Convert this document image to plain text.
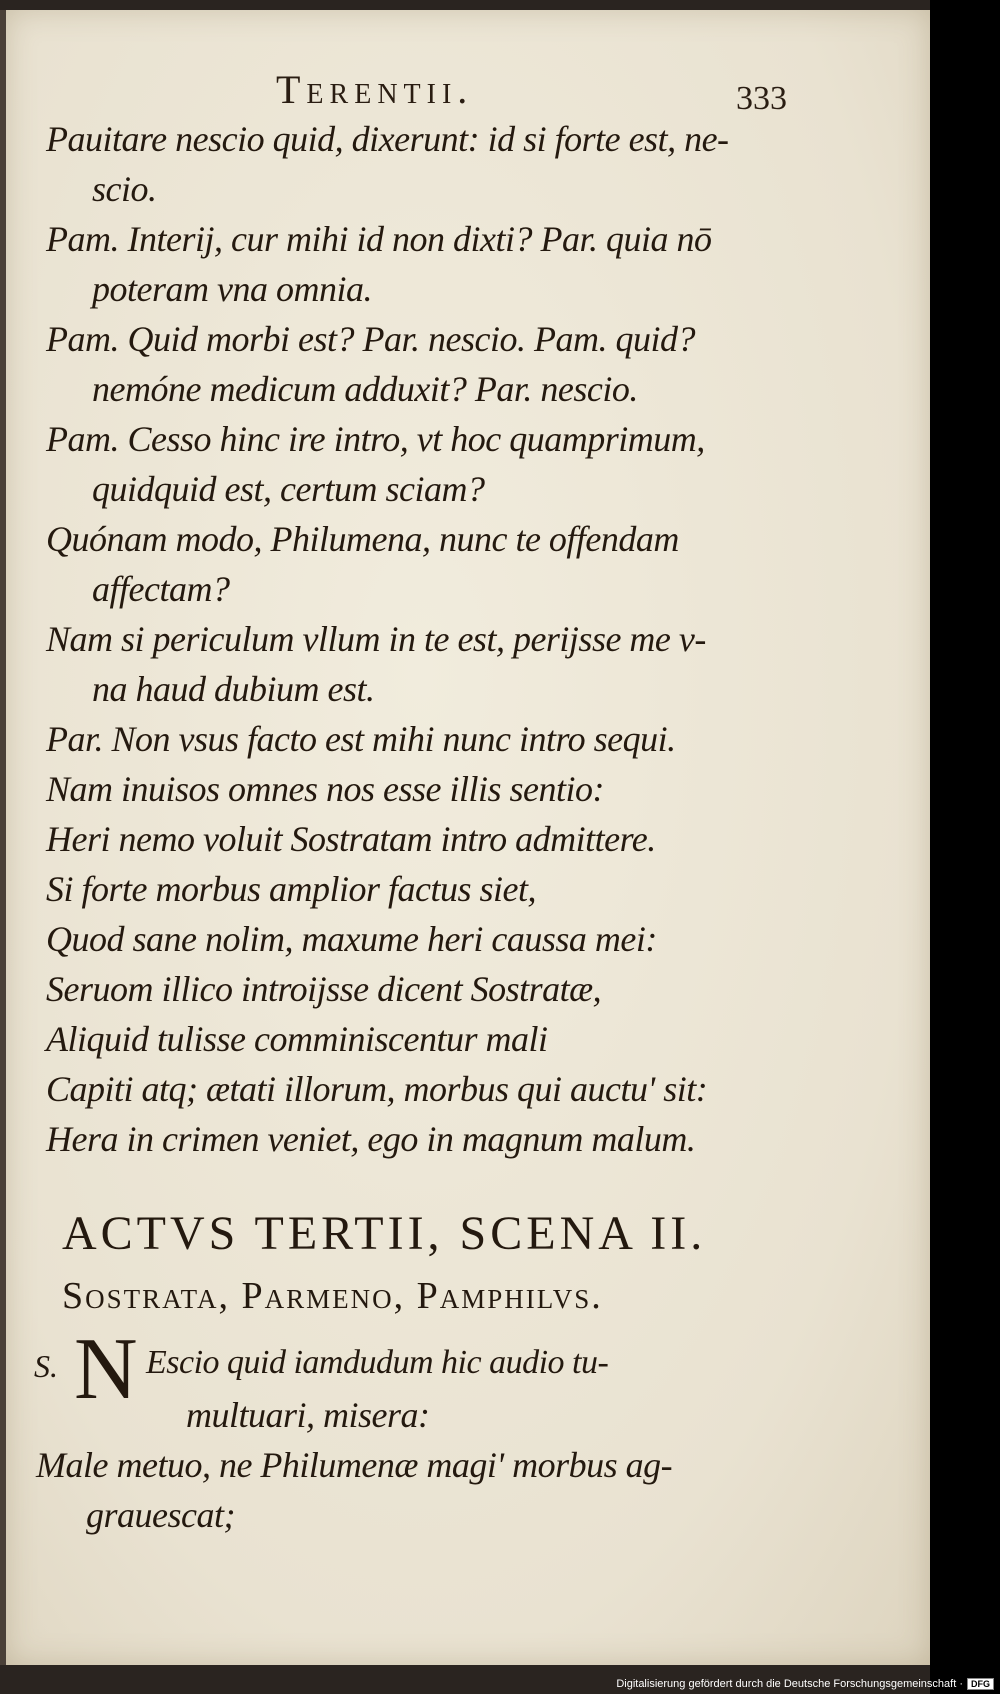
Terentii.	333
Pauitare nescio quid, dixerunt: id si forte est, ne-
scio.
Pam. Interij, cur mihi id non dixti? Par. quia nō
poteram vna omnia.
Pam. Quid morbi est? Par. nescio. Pam. quid?
nemóne medicum adduxit? Par. nescio.
Pam. Cesso hinc ire intro, vt hoc quamprimum,
quidquid est, certum sciam?
Quónam modo, Philumena, nunc te offendam
affectam?
Nam si periculum vllum in te est, perijsse me v-
na haud dubium est.
Par. Non vsus facto est mihi nunc intro sequi.
Nam inuisos omnes nos esse illis sentio:
Heri nemo voluit Sostratam intro admittere.
Si forte morbus amplior factus siet,
Quod sane nolim, maxume heri caussa mei:
Seruom illico introijsse dicent Sostratæ,
Aliquid tulisse comminiscentur mali
Capiti atq; ætati illorum, morbus qui auctu' sit:
Hera in crimen veniet, ego in magnum malum.
ACTVS TERTII, SCENA II.
Sostrata, Parmeno, Pamphilvs.
S. N Escio quid iamdudum hic audio tu-
multuari, misera:
Male metuo, ne Philumenæ magi' morbus ag-
grauescat;
Digitalisierung gefördert durch die Deutsche Forschungsgemeinschaft · DFG
